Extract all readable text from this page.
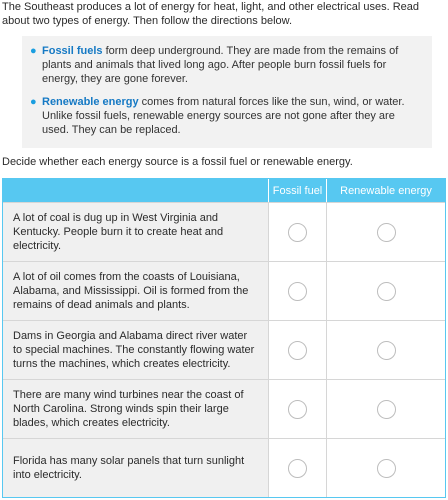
The Southeast produces a lot of energy for heat, light, and other electrical uses. Read about two types of energy. Then follow the directions below.

● Fossil fuels form deep underground. They are made from the remains of plants and animals that lived long ago. After people burn fossil fuels for energy, they are gone forever.
● Renewable energy comes from natural forces like the sun, wind, or water. Unlike fossil fuels, renewable energy sources are not gone after they are used. They can be replaced.

Decide whether each energy source is a fossil fuel or renewable energy.

Fossil fuel	Renewable energy
A lot of coal is dug up in West Virginia and Kentucky. People burn it to create heat and electricity.
A lot of oil comes from the coasts of Louisiana, Alabama, and Mississippi. Oil is formed from the remains of dead animals and plants.
Dams in Georgia and Alabama direct river water to special machines. The constantly flowing water turns the machines, which creates electricity.
There are many wind turbines near the coast of North Carolina. Strong winds spin their large blades, which creates electricity.
Florida has many solar panels that turn sunlight into electricity.
